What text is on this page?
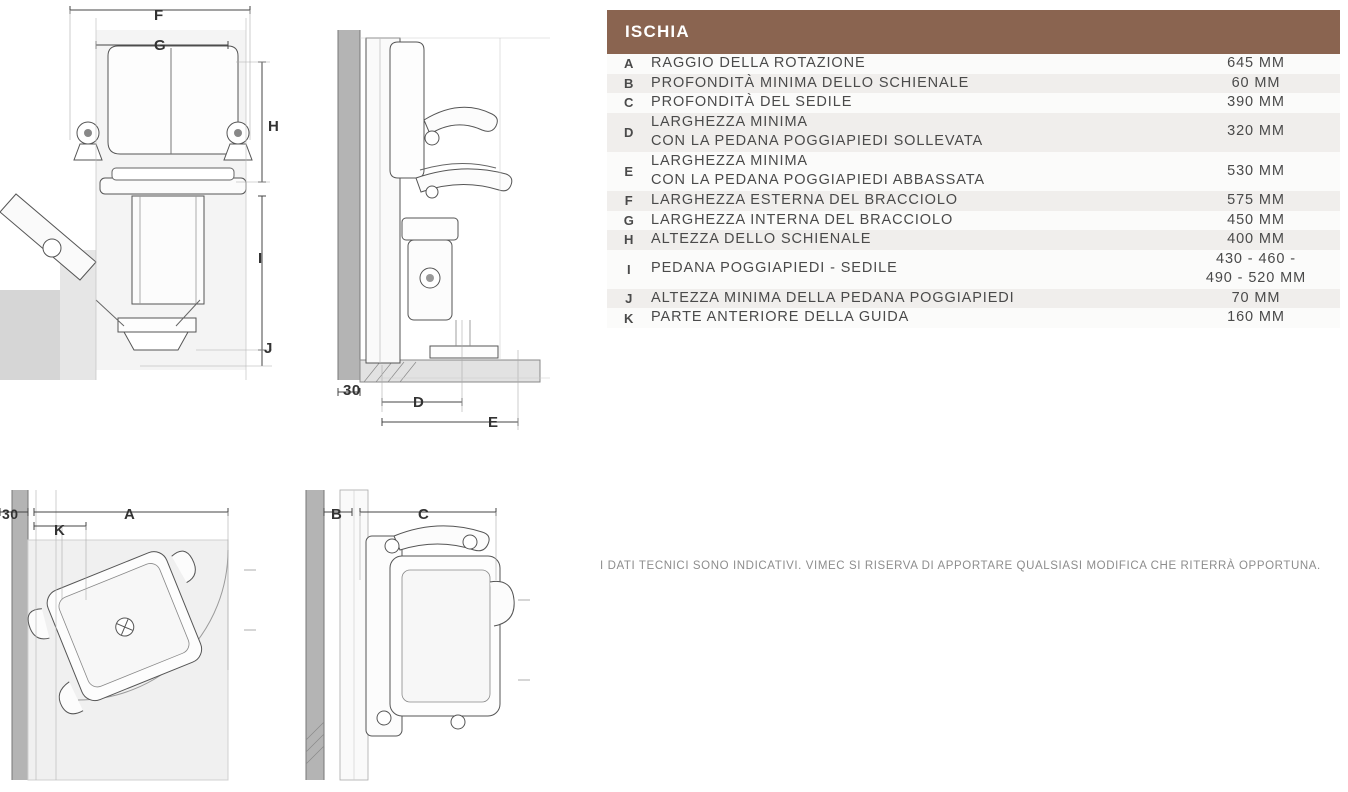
F
G
H
I
J
30
D
E
30	A
K
B	C
ISCHIA
A	RAGGIO DELLA ROTAZIONE	645 MM
B	PROFONDITÀ MINIMA DELLO SCHIENALE	60 MM
C	PROFONDITÀ DEL SEDILE	390 MM
D	LARGHEZZA MINIMA
CON LA PEDANA POGGIAPIEDI SOLLEVATA	320 MM
E	LARGHEZZA MINIMA
CON LA PEDANA POGGIAPIEDI ABBASSATA	530 MM
F	LARGHEZZA ESTERNA DEL BRACCIOLO	575 MM
G	LARGHEZZA INTERNA DEL BRACCIOLO	450 MM
H	ALTEZZA DELLO SCHIENALE	400 MM
I	PEDANA POGGIAPIEDI - SEDILE	430 - 460 -
490 - 520 MM
J	ALTEZZA MINIMA DELLA PEDANA POGGIAPIEDI	70 MM
K	PARTE ANTERIORE DELLA GUIDA	160 MM
I DATI TECNICI SONO INDICATIVI. VIMEC SI RISERVA DI APPORTARE QUALSIASI MODIFICA CHE RITERRÀ OPPORTUNA.
